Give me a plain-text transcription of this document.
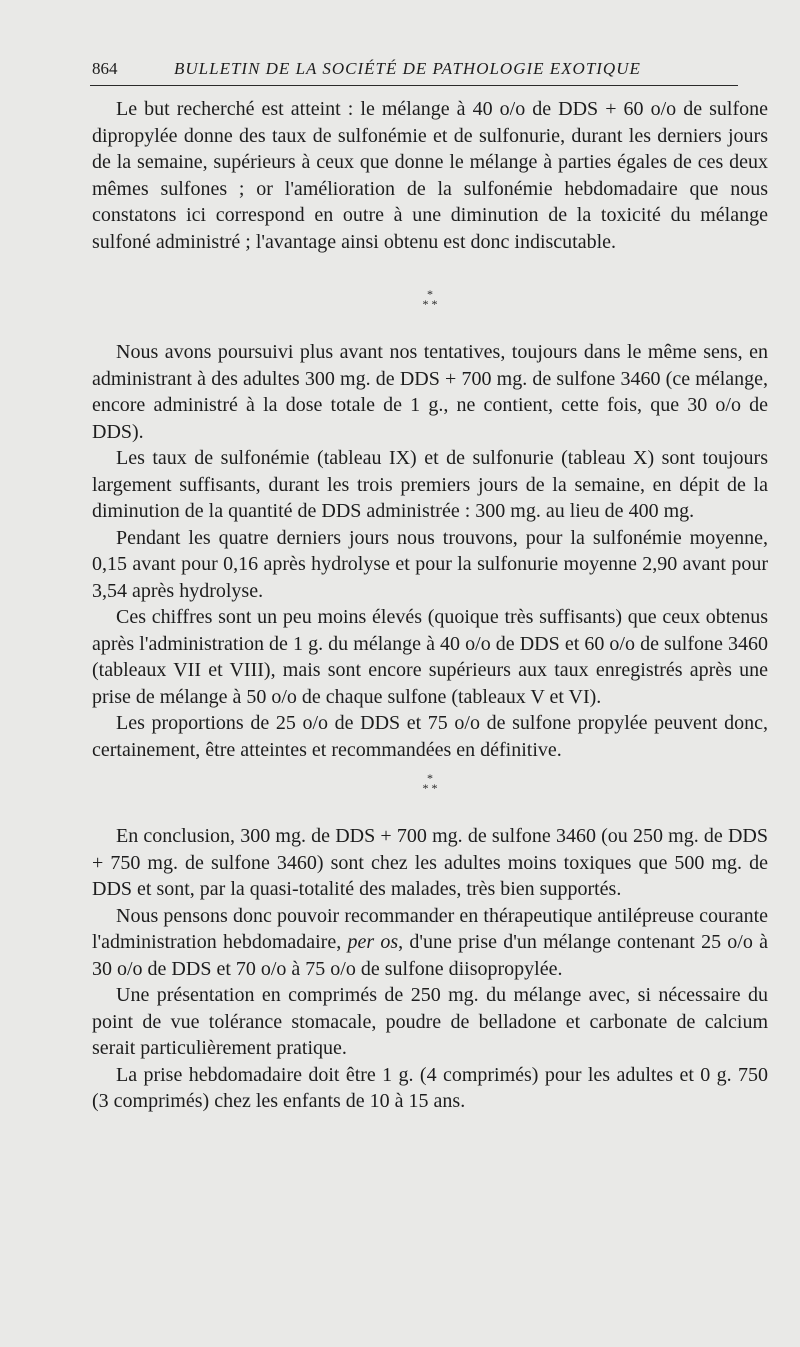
864	BULLETIN DE LA SOCIÉTÉ DE PATHOLOGIE EXOTIQUE

Le but recherché est atteint : le mélange à 40 o/o de DDS + 60 o/o de sulfone dipropylée donne des taux de sulfonémie et de sulfonurie, durant les derniers jours de la semaine, supérieurs à ceux que donne le mélange à parties égales de ces deux mêmes sulfones ; or l'amélioration de la sulfonémie hebdomadaire que nous constatons ici correspond en outre à une diminution de la toxicité du mélange sulfoné administré ; l'avantage ainsi obtenu est donc indiscutable.

*
* *

Nous avons poursuivi plus avant nos tentatives, toujours dans le même sens, en administrant à des adultes 300 mg. de DDS + 700 mg. de sulfone 3460 (ce mélange, encore administré à la dose totale de 1 g., ne contient, cette fois, que 30 o/o de DDS).

Les taux de sulfonémie (tableau IX) et de sulfonurie (tableau X) sont toujours largement suffisants, durant les trois premiers jours de la semaine, en dépit de la diminution de la quantité de DDS administrée : 300 mg. au lieu de 400 mg.

Pendant les quatre derniers jours nous trouvons, pour la sulfonémie moyenne, 0,15 avant pour 0,16 après hydrolyse et pour la sulfonurie moyenne 2,90 avant pour 3,54 après hydrolyse.

Ces chiffres sont un peu moins élevés (quoique très suffisants) que ceux obtenus après l'administration de 1 g. du mélange à 40 o/o de DDS et 60 o/o de sulfone 3460 (tableaux VII et VIII), mais sont encore supérieurs aux taux enregistrés après une prise de mélange à 50 o/o de chaque sulfone (tableaux V et VI).

Les proportions de 25 o/o de DDS et 75 o/o de sulfone propylée peuvent donc, certainement, être atteintes et recommandées en définitive.

*
* *

En conclusion, 300 mg. de DDS + 700 mg. de sulfone 3460 (ou 250 mg. de DDS + 750 mg. de sulfone 3460) sont chez les adultes moins toxiques que 500 mg. de DDS et sont, par la quasi-totalité des malades, très bien supportés.

Nous pensons donc pouvoir recommander en thérapeutique antilépreuse courante l'administration hebdomadaire, per os, d'une prise d'un mélange contenant 25 o/o à 30 o/o de DDS et 70 o/o à 75 o/o de sulfone diisopropylée.

Une présentation en comprimés de 250 mg. du mélange avec, si nécessaire du point de vue tolérance stomacale, poudre de belladone et carbonate de calcium serait particulièrement pratique.

La prise hebdomadaire doit être 1 g. (4 comprimés) pour les adultes et 0 g. 750 (3 comprimés) chez les enfants de 10 à 15 ans.
